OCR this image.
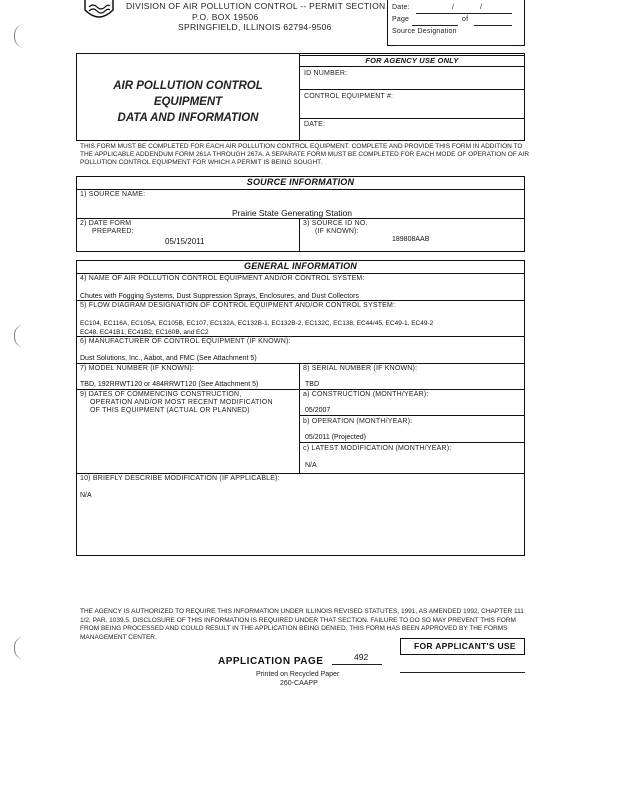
DIVISION OF AIR POLLUTION CONTROL -- PERMIT SECTION
P.O. BOX 19506
SPRINGFIELD, ILLINOIS 62794-9506
Date:	/	/
Page	of
Source Designation
AIR POLLUTION CONTROL
EQUIPMENT
DATA AND INFORMATION
FOR AGENCY USE ONLY
ID NUMBER:
CONTROL EQUIPMENT #:
DATE:
THIS FORM MUST BE COMPLETED FOR EACH AIR POLLUTION CONTROL EQUIPMENT. COMPLETE AND PROVIDE THIS FORM IN ADDITION TO THE APPLICABLE ADDENDUM FORM 261A THROUGH 267A. A SEPARATE FORM MUST BE COMPLETED FOR EACH MODE OF OPERATION OF AIR POLLUTION CONTROL EQUIPMENT FOR WHICH A PERMIT IS BEING SOUGHT.
SOURCE INFORMATION
1) SOURCE NAME:
Prairie State Generating Station
2) DATE FORM
PREPARED:
05/15/2011
3) SOURCE ID NO.
(IF KNOWN):
189808AAB
GENERAL INFORMATION
4) NAME OF AIR POLLUTION CONTROL EQUIPMENT AND/OR CONTROL SYSTEM:
Chutes with Fogging Systems, Dust Suppression Sprays, Enclosures, and Dust Collectors
5) FLOW DIAGRAM DESIGNATION OF CONTROL EQUIPMENT AND/OR CONTROL SYSTEM:
EC104, EC116A, EC105A, EC105B, EC107, EC132A, EC132B-1, EC132B-2, EC132C, EC138, EC44/45, EC49-1, EC49-2
EC48, EC41B1, EC41B2, EC160B, and EC2
6) MANUFACTURER OF CONTROL EQUIPMENT (IF KNOWN):
Dust Solutions, Inc., Aabot, and FMC (See Attachment 5)
7) MODEL NUMBER (IF KNOWN):
TBD, 192RRWT120 or 484RRWT120 (See Attachment 5)
8) SERIAL NUMBER (IF KNOWN):
TBD
9) DATES OF COMMENCING CONSTRUCTION,
OPERATION AND/OR MOST RECENT MODIFICATION
OF THIS EQUIPMENT (ACTUAL OR PLANNED)
a) CONSTRUCTION (MONTH/YEAR):
05/2007
b) OPERATION (MONTH/YEAR):
05/2011 (Projected)
c) LATEST MODIFICATION (MONTH/YEAR):
N/A
10) BRIEFLY DESCRIBE MODIFICATION (IF APPLICABLE):
N/A
THE AGENCY IS AUTHORIZED TO REQUIRE THIS INFORMATION UNDER ILLINOIS REVISED STATUTES, 1991, AS AMENDED 1992, CHAPTER 111 1/2, PAR. 1039.5. DISCLOSURE OF THIS INFORMATION IS REQUIRED UNDER THAT SECTION. FAILURE TO DO SO MAY PREVENT THIS FORM FROM BEING PROCESSED AND COULD RESULT IN THE APPLICATION BEING DENIED. THIS FORM HAS BEEN APPROVED BY THE FORMS MANAGEMENT CENTER.
FOR APPLICANT'S USE
APPLICATION PAGE	492
Printed on Recycled Paper
260-CAAPP
